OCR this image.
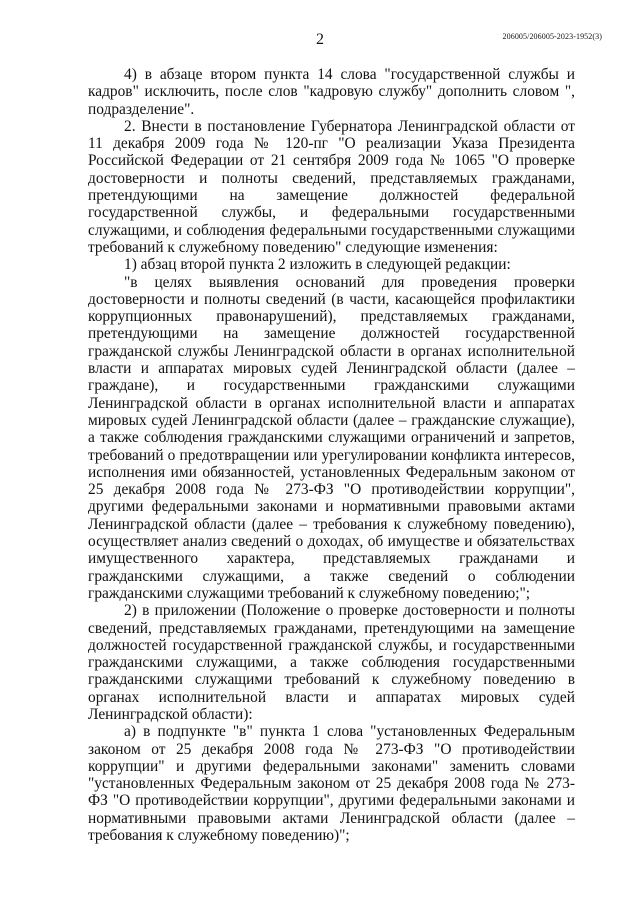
2	206005/206005-2023-1952(3)

4) в абзаце втором пункта 14 слова "государственной службы и кадров" исключить, после слов "кадровую службу" дополнить словом ", подразделение".

2. Внести в постановление Губернатора Ленинградской области от 11 декабря 2009 года № 120-пг "О реализации Указа Президента Российской Федерации от 21 сентября 2009 года № 1065 "О проверке достоверности и полноты сведений, представляемых гражданами, претендующими на замещение должностей федеральной государственной службы, и федеральными государственными служащими, и соблюдения федеральными государственными служащими требований к служебному поведению" следующие изменения:

1) абзац второй пункта 2 изложить в следующей редакции:

"в целях выявления оснований для проведения проверки достоверности и полноты сведений (в части, касающейся профилактики коррупционных правонарушений), представляемых гражданами, претендующими на замещение должностей государственной гражданской службы Ленинградской области в органах исполнительной власти и аппаратах мировых судей Ленинградской области (далее – граждане), и государственными гражданскими служащими Ленинградской области в органах исполнительной власти и аппаратах мировых судей Ленинградской области (далее – гражданские служащие), а также соблюдения гражданскими служащими ограничений и запретов, требований о предотвращении или урегулировании конфликта интересов, исполнения ими обязанностей, установленных Федеральным законом от 25 декабря 2008 года № 273-ФЗ "О противодействии коррупции", другими федеральными законами и нормативными правовыми актами Ленинградской области (далее – требования к служебному поведению), осуществляет анализ сведений о доходах, об имуществе и обязательствах имущественного характера, представляемых гражданами и гражданскими служащими, а также сведений о соблюдении гражданскими служащими требований к служебному поведению;";

2) в приложении (Положение о проверке достоверности и полноты сведений, представляемых гражданами, претендующими на замещение должностей государственной гражданской службы, и государственными гражданскими служащими, а также соблюдения государственными гражданскими служащими требований к служебному поведению в органах исполнительной власти и аппаратах мировых судей Ленинградской области):

а) в подпункте "в" пункта 1 слова "установленных Федеральным законом от 25 декабря 2008 года № 273-ФЗ "О противодействии коррупции" и другими федеральными законами" заменить словами "установленных Федеральным законом от 25 декабря 2008 года № 273-ФЗ "О противодействии коррупции", другими федеральными законами и нормативными правовыми актами Ленинградской области (далее – требования к служебному поведению)";
